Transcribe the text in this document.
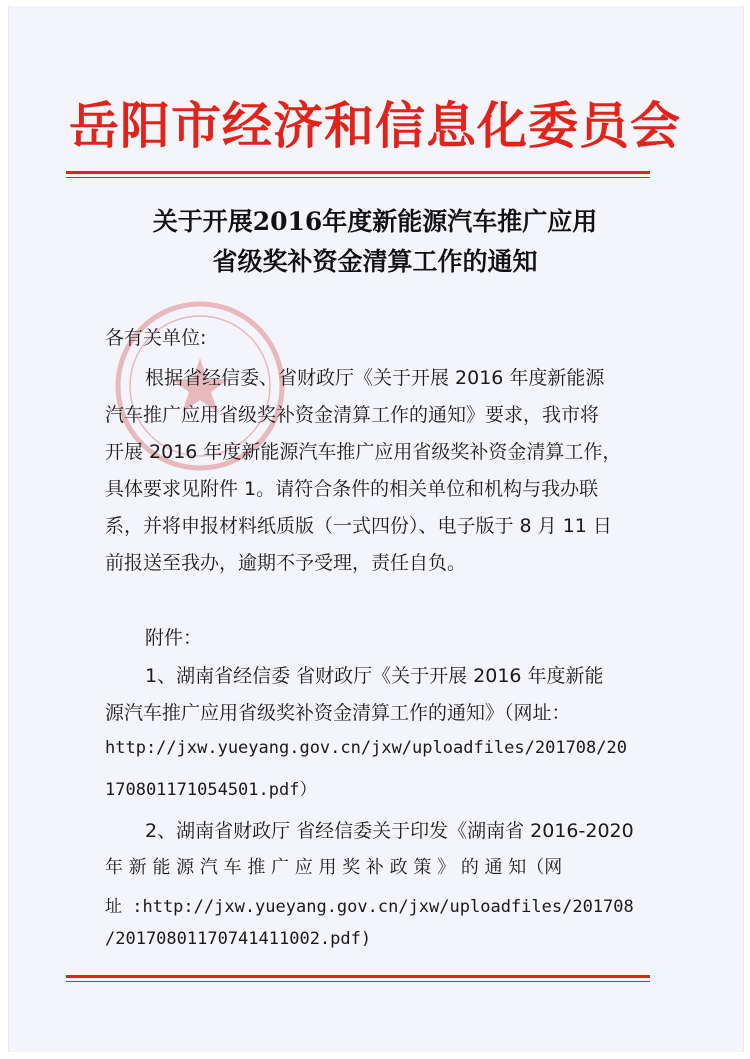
岳阳市经济和信息化委员会
关于开展2016年度新能源汽车推广应用
省级奖补资金清算工作的通知
各有关单位:
根据省经信委、省财政厅《关于开展 2016 年度新能源
汽车推广应用省级奖补资金清算工作的通知》要求，我市将
开展 2016 年度新能源汽车推广应用省级奖补资金清算工作，
具体要求见附件 1。请符合条件的相关单位和机构与我办联
系，并将申报材料纸质版（一式四份）、电子版于 8 月 11 日
前报送至我办，逾期不予受理，责任自负。
附件：
1、湖南省经信委 省财政厅《关于开展 2016 年度新能
源汽车推广应用省级奖补资金清算工作的通知》（网址：
http://jxw.yueyang.gov.cn/jxw/uploadfiles/201708/20
170801171054501.pdf）
2、湖南省财政厅 省经信委关于印发《湖南省 2016-2020
年 新 能 源 汽 车 推 广 应 用 奖 补 政 策 》 的 通 知（网
址 :http://jxw.yueyang.gov.cn/jxw/uploadfiles/201708
/20170801170741411002.pdf)
